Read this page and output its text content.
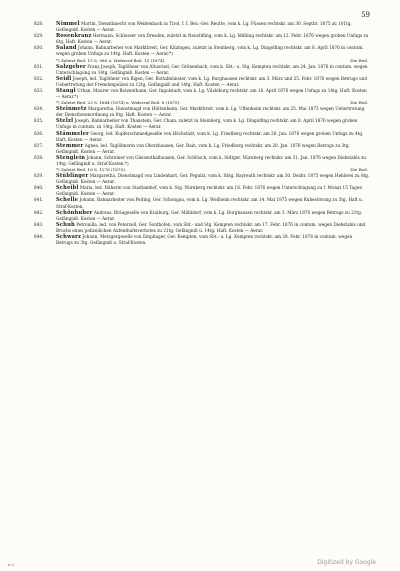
59
828.	Nimmel Martin, Dienstknecht von Weißenbach in Tirol, f. f. Bez.-Ger. Reutte, vom k. Lg. Füssen rechtskr. am 30. Septbr. 1875 zu 101tg. Gefängniß. Kosten — Aerar.
829.	Rosenkranz Hermann, Schlosser von Dresden, zuletzt in Neustifling, vom k. Lg. Mißling rechtskr. am 12. Febr. 1876 wegen groben Unfugs zu 6tg. Haft. Kosten — Aerar.
830.	Saland Johann, Bahnarbeiter von Marktbreit, Ger. Kitzingen, zuletzt in Steinberg, vom k. Lg. Dingolfing rechtskr. am 8. April 1876 in contum. wegen groben Unfugs zu 14tg. Haft. Kosten — Aerar.*)
*) Zuletzt Beil. 15 S. 986 u. Widerruf Beil. 15 (1874).	Die Red.
831.	Salzgeber Franz Joseph, Taglöhner von Altusried, Ger. Grönenbach, vom k. Sbt.- u. Stg. Kempten rechtskr. am 24. Jan. 1876 in contum. wegen Unterschlagung zu 14tg. Gefängniß. Kosten — Aerar.
832.	Seidl Joseph, led. Taglöhner von Rigen, Ger. Rottalmünster, vom k. Lg. Burghausen rechtskr. am 3. März und 25. Febr. 1876 wegen Betrugs und Uebertretung der Fremdenpolizei zu 12tg. Gefängniß und 14tg. Haft. Kosten — Aerar.
833.	Stangl Urban, Maurer von Rotzenthann, Ger. Ingolstadt, vom k. Lg. Vilsbiburg rechtskr. am 18. April 1876 wegen Unfugs zu 14tg. Haft. Kosten — Aerar.*)
*) Zuletzt Beil. 23 S. 1884 (1874) u. Widerruf Beil. 6 (1875).	Die Red.
834.	Steinmetz Margaretha, Dienstmagd von Hüttenheim, Ger. Marktbreit, vom k. Lg. Uffenheim rechtskr. am 25. Mai 1875 wegen Uebertretung der Dienstbotenordnung zu 6tg. Haft. Kosten — Aerar.
835.	Stelzl Joseph, Bahnarbeiter von Thanstein, Ger. Cham, zuletzt in Steinberg, vom k. Lg. Dingolfing rechtskr. am 8. April 1876 wegen groben Unfugs in contum. zu 14tg. Haft. Kosten — Aerar.
836.	Stämmeler Georg, led. Kupferschmiedgeselle von Höchstädt, vom k. Lg. Friedberg rechtskr. am 26. Jan. 1876 wegen groben Unfugs zu 4tg. Haft. Kosten — Aerar.
837.	Stemmer Agnes, led. Taglöhnerin von Oberzhausen, Ger. Rain, vom k. Lg. Friedberg rechtskr. am 20. Jan. 1876 wegen Betrugs zu 3tg. Gefängniß. Kosten — Aerar.
838.	Stenglein Johann, Schreiner von Gleisenthalhausen, Ger. Schlüsch, vom k. Stdtger. Nürnberg rechtskr. am 31. Jan. 1876 wegen Diebstahls zu 14tg. Gefängniß u. Straf-Kosten.*)
*) Zuletzt Beil. 16 S. 1278 (1875).	Die Red.
839.	Stüblinger Margaretha, Dienstmagd von Lindenhart, Ger. Pegnitz, vom k. Sbtg. Bayreuth rechtskr. am 30. Dezbr. 1875 wegen Hehlerei zu 8tg. Gefängniß. Kosten — Aerar.
840.	Scheibl Maria, led. Näherin von Stadtamhof, vom k. Stg. Nürnberg rechtskr. am 18. Febr. 1876 wegen Unterschlagung zu 1 Monat 15 Tagen Gefängniß. Kosten — Aerar.
841.	Schelle Johann, Bahnarbeiter von Peiting, Ger. Schongau, vom k. Lg. Weilheim rechtskr. am 14. Mai 1875 wegen Ruhestörung zu 3tg. Haft u. Straf-Kosten.
842.	Schönhuber Andreas, Bräugeselle von Kraiburg, Ger. Mühldorf, vom k. Lg. Burghausen rechtskr. am 3. März 1876 wegen Betrugs zu 21tg. Gefängniß. Kosten — Aerar.
843.	Schuh Petronilla, led. von Peterzell, Ger. Sonthofen, vom Sbt.- und Stg. Kempten rechtskr. am 17. Febr. 1876 in contum. wegen Diebstahls und Bruchs eines polizeilichen Aufenthaltsverbotes zu 21tg. Gefängniß u. 14tg. Haft. Kosten — Aerar.
844.	Schwarz Johann, Metzgergeselle von Emplinger, Ger. Kempten, vom Sbt.- u. Lg. Kempten rechtskr. am 28. Febr. 1876 in contum. wegen Betrugs zu 3tg. Gefängniß u. Straf-Kosten.
n-2	Digitized by Google
